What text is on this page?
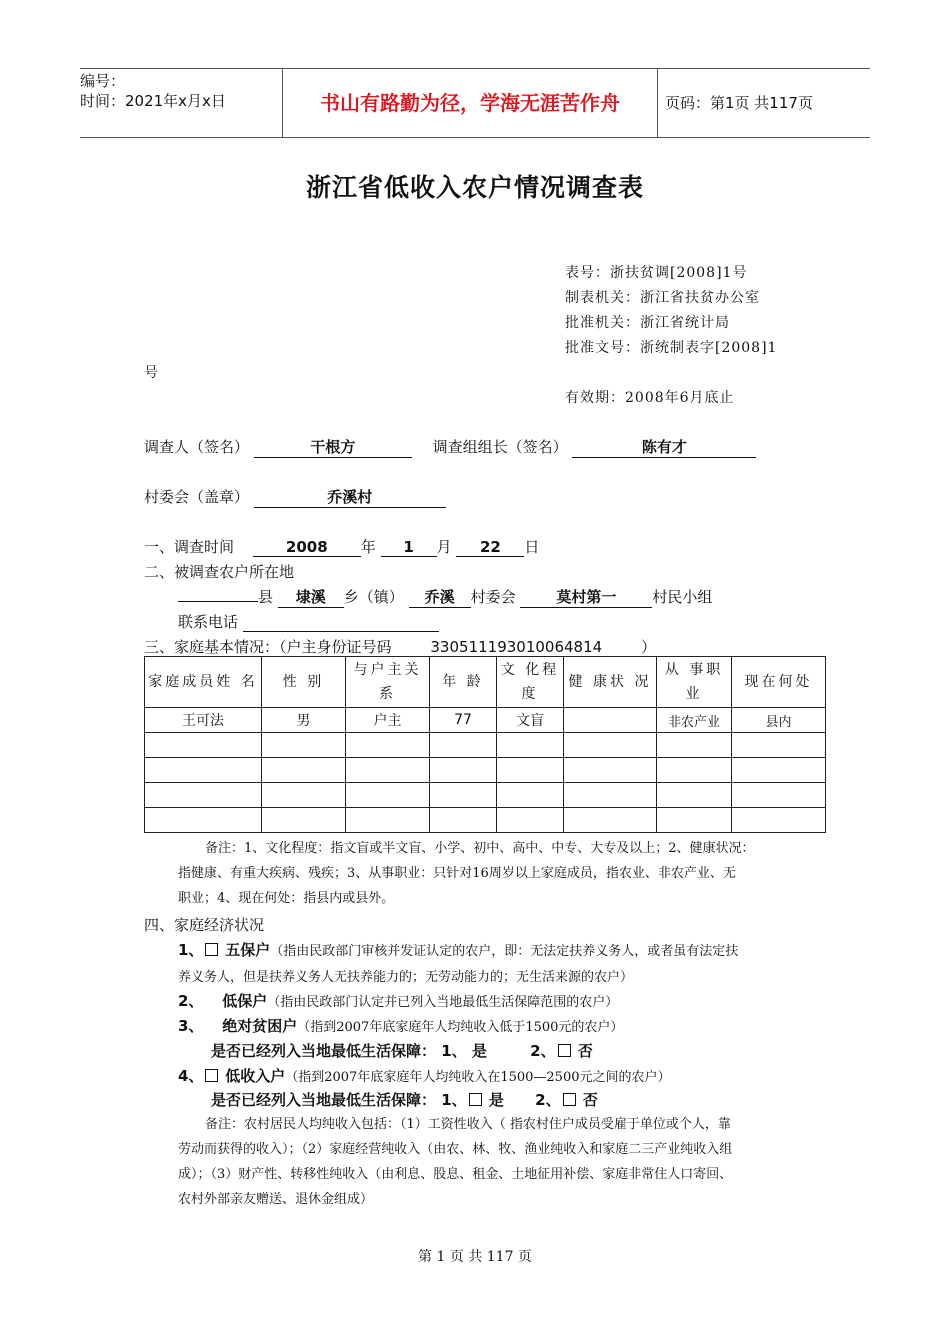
编号：
时间：2021年x月x日	书山有路勤为径，学海无涯苦作舟	页码：第1页 共117页
浙江省低收入农户情况调查表
表号：浙扶贫调[2008]1号
制表机关：浙江省扶贫办公室
批准机关：浙江省统计局
批准文号：浙统制表字[2008]1
号
有效期：2008年6月底止
调查人（签名）	干根方	调查组组长（签名）	陈有才
村委会（盖章）	乔溪村
一、调查时间	2008 年 1 月 22 日
二、被调查农户所在地
县 埭溪 乡（镇） 乔溪 村委会	莫村第一 村民小组
联系电话
三、家庭基本情况：（户主身份证号码	330511193010064814	）
家庭成员姓 名	性 别	与户主关 系	年 龄	文 化程 度	健 康状 况	从 事职 业	现在何处
王可法	男	户主	77	文盲		非农产业	县内

备注：1、文化程度：指文盲或半文盲、小学、初中、高中、中专、大专及以上；2、健康状况：
指健康、有重大疾病、残疾；3、从事职业：只针对16周岁以上家庭成员，指农业、非农产业、无
职业；4、现在何处：指县内或县外。
四、家庭经济状况
1、 五保户（指由民政部门审核并发证认定的农户，即：无法定扶养义务人，或者虽有法定扶
养义务人，但是扶养义务人无扶养能力的；无劳动能力的；无生活来源的农户）
2、 低保户（指由民政部门认定并已列入当地最低生活保障范围的农户）
3、 绝对贫困户（指到2007年底家庭年人均纯收入低于1500元的农户）
是否已经列入当地最低生活保障： 1、 是	2、 否
4、 低收入户（指到2007年底家庭年人均纯收入在1500—2500元之间的农户）
是否已经列入当地最低生活保障： 1、 是 2、 否
备注：农村居民人均纯收入包括：（1）工资性收入（ 指农村住户成员受雇于单位或个人，靠
劳动而获得的收入）；（2）家庭经营纯收入（由农、林、牧、渔业纯收入和家庭二三产业纯收入组
成）；（3）财产性、转移性纯收入（由利息、股息、租金、土地征用补偿、家庭非常住人口寄回、
农村外部亲友赠送、退休金组成）
第 1 页 共 117 页
